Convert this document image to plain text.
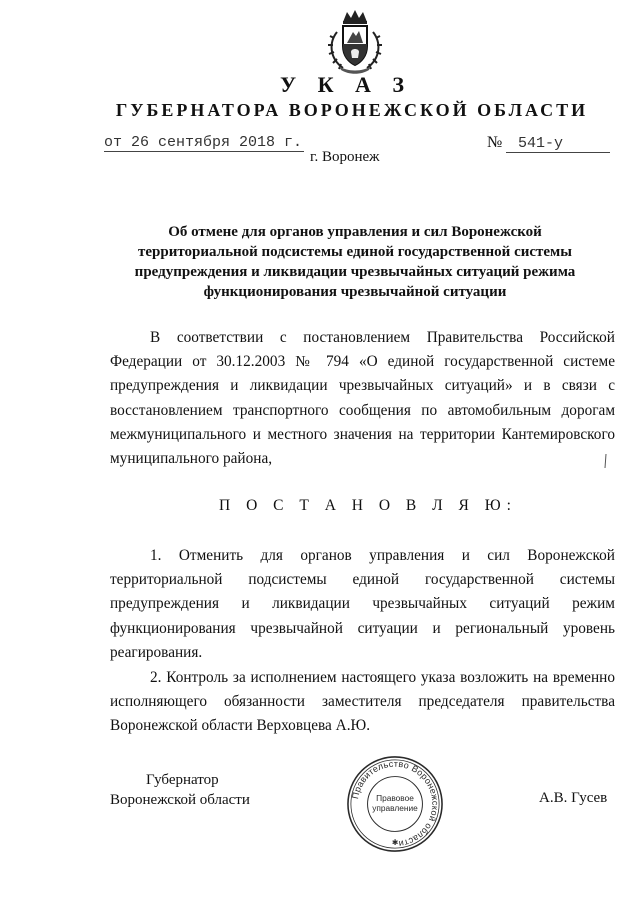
У К А З
ГУБЕРНАТОРА ВОРОНЕЖСКОЙ ОБЛАСТИ
от 26 сентября 2018 г.	№ 541-у
г. Воронеж
Об отмене для органов управления и сил Воронежской территориальной подсистемы единой государственной системы предупреждения и ликвидации чрезвычайных ситуаций режима функционирования чрезвычайной ситуации
В соответствии с постановлением Правительства Российской Федерации от 30.12.2003 № 794 «О единой государственной системе предупреждения и ликвидации чрезвычайных ситуаций» и в связи с восстановлением транспортного сообщения по автомобильным дорогам межмуниципального и местного значения на территории Кантемировского муниципального района,
П О С Т А Н О В Л Я Ю:
1. Отменить для органов управления и сил Воронежской территориальной подсистемы единой государственной системы предупреждения и ликвидации чрезвычайных ситуаций режим функционирования чрезвычайной ситуации и региональный уровень реагирования.
2. Контроль за исполнением настоящего указа возложить на временно исполняющего обязанности заместителя председателя правительства Воронежской области Верховцева А.Ю.
Губернатор
Воронежской области	Правительство Воронежской области
Правовое
управление
✱
А.В. Гусев
